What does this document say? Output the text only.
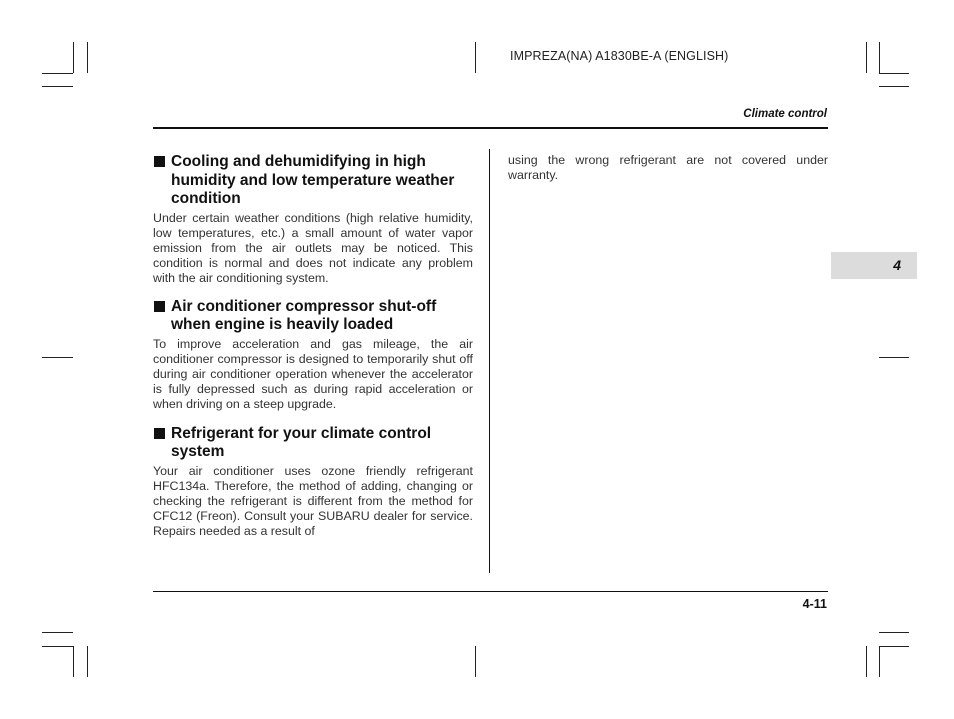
IMPREZA(NA) A1830BE-A (ENGLISH)
Climate control
Cooling and dehumidifying in high humidity and low temperature weather condition

Under certain weather conditions (high relative humidity, low temperatures, etc.) a small amount of water vapor emission from the air outlets may be noticed. This condition is normal and does not indicate any problem with the air conditioning system.

Air conditioner compressor shut-off when engine is heavily loaded

To improve acceleration and gas mileage, the air conditioner compressor is designed to temporarily shut off during air conditioner operation whenever the accelerator is fully depressed such as during rapid acceleration or when driving on a steep upgrade.

Refrigerant for your climate control system

Your air conditioner uses ozone friendly refrigerant HFC134a. Therefore, the method of adding, changing or checking the refrigerant is different from the method for CFC12 (Freon). Consult your SUBARU dealer for service. Repairs needed as a result of

using the wrong refrigerant are not covered under warranty.

4
4-11
